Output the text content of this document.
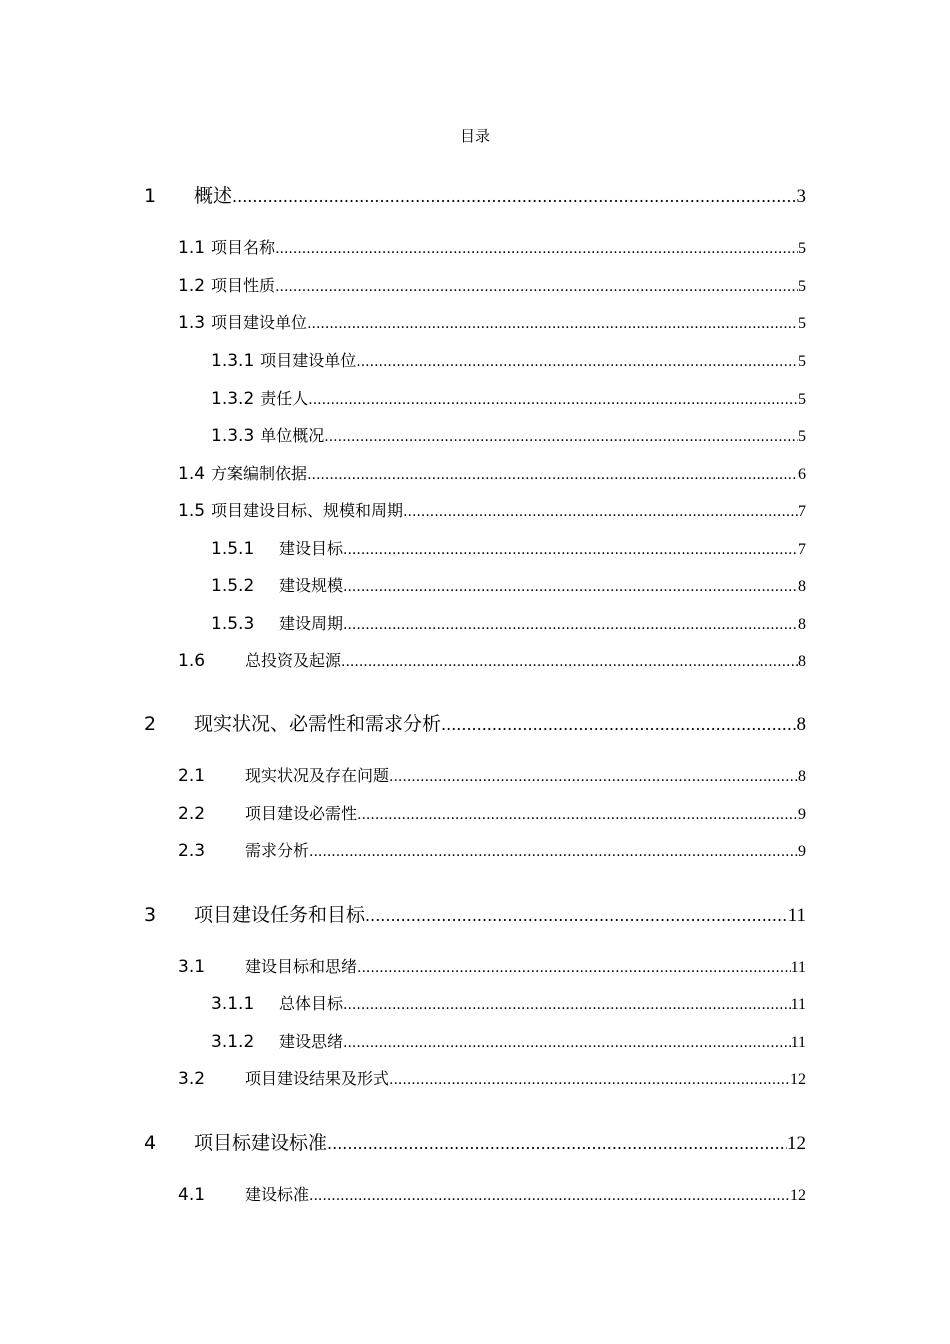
目录
1	概述 .....	3
1.1 项目名称 .....	5
1.2 项目性质 .....	5
1.3 项目建设单位 .....	5
1.3.1 项目建设单位 .....	5
1.3.2 责任人 .....	5
1.3.3 单位概况 .....	5
1.4 方案编制依据 .....	6
1.5 项目建设目标、规模和周期 .....	7
1.5.1	建设目标 .....	7
1.5.2	建设规模 .....	8
1.5.3	建设周期 .....	8
1.6	总投资及起源 .....	8
2	现实状况、必需性和需求分析 .....	8
2.1	现实状况及存在问题 .....	8
2.2	项目建设必需性 .....	9
2.3	需求分析 .....	9
3	项目建设任务和目标 .....	11
3.1	建设目标和思绪 .....	11
3.1.1	总体目标 .....	11
3.1.2	建设思绪 .....	11
3.2	项目建设结果及形式 .....	12
4	项目标建设标准 .....	12
4.1	建设标准 .....	12
